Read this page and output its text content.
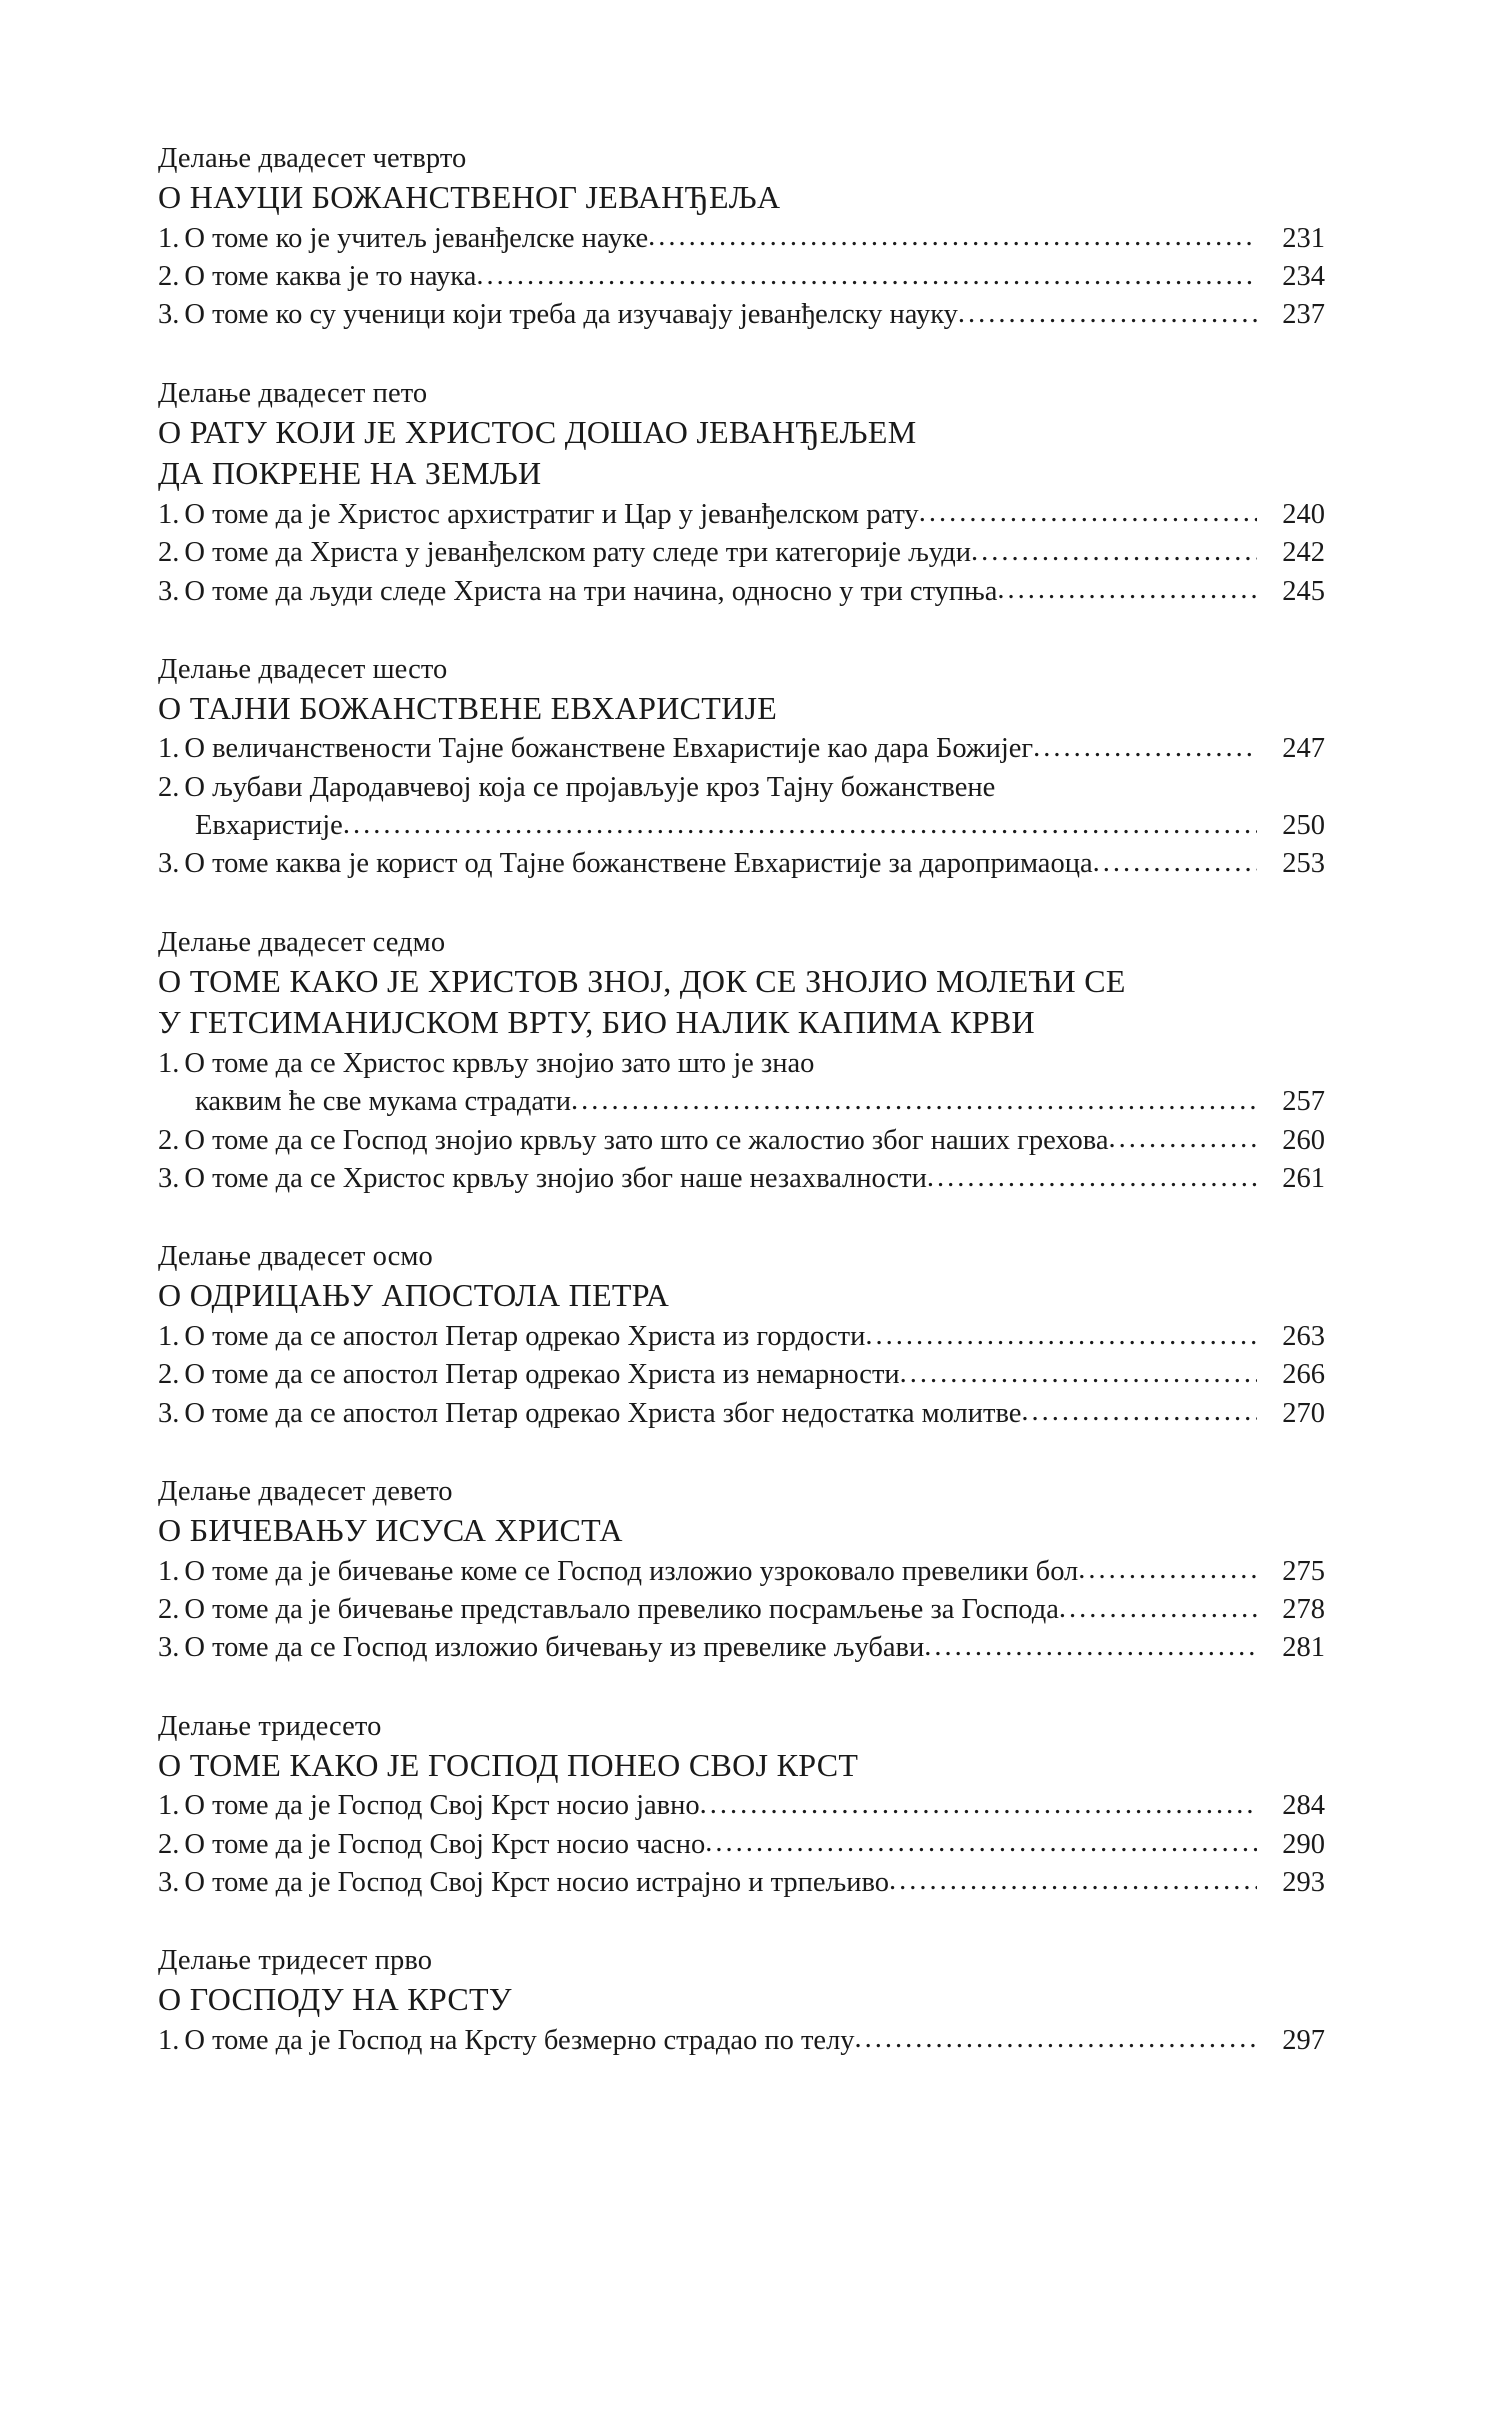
Делање двадесет четврто
О НАУЦИ БОЖАНСТВЕНОГ ЈЕВАНЂЕЉА
1. О томе ко је учитељ јеванђелске науке .....	231
2. О томе каква је то наука .....	234
3. О томе ко су ученици који треба да изучавају јеванђелску науку .....	237
Делање двадесет пето
О РАТУ КОЈИ ЈЕ ХРИСТОС ДОШАО ЈЕВАНЂЕЉЕМ
ДА ПОКРЕНЕ НА ЗЕМЉИ
1. О томе да је Христос архистратиг и Цар у јеванђелском рату .....	240
2. О томе да Христа у јеванђелском рату следе три категорије људи .....	242
3. О томе да људи следе Христа на три начина, односно у три ступња .....	245
Делање двадесет шесто
О ТАЈНИ БОЖАНСТВЕНЕ ЕВХАРИСТИЈЕ
1. О величанствености Тајне божанствене Евхаристије као дара Божијег .....	247
2. О љубави Дародавчевој која се пројављује кроз Тајну божанствене
Евхаристије .....	250
3. О томе каква је корист од Тајне божанствене Евхаристије за даропримаоца .....	253
Делање двадесет седмо
О ТОМЕ КАКО ЈЕ ХРИСТОВ ЗНОЈ, ДОК СЕ ЗНОЈИО МОЛЕЋИ СЕ
У ГЕТСИМАНИЈСКОМ ВРТУ, БИО НАЛИК КАПИМА КРВИ
1. О томе да се Христос крвљу знојио зато што је знао
каквим ће све мукама страдати .....	257
2. О томе да се Господ знојио крвљу зато што се жалостио због наших грехова .....	260
3. О томе да се Христос крвљу знојио због наше незахвалности .....	261
Делање двадесет осмо
О ОДРИЦАЊУ АПОСТОЛА ПЕТРА
1. О томе да се апостол Петар одрекао Христа из гордости .....	263
2. О томе да се апостол Петар одрекао Христа из немарности .....	266
3. О томе да се апостол Петар одрекао Христа због недостатка молитве .....	270
Делање двадесет девето
О БИЧЕВАЊУ ИСУСА ХРИСТА
1. О томе да је бичевање коме се Господ изложио узроковало превелики бол .....	275
2. О томе да је бичевање представљало превелико посрамљење за Господа .....	278
3. О томе да се Господ изложио бичевању из превелике љубави .....	281
Делање тридесето
О ТОМЕ КАКО ЈЕ ГОСПОД ПОНЕО СВОЈ КРСТ
1. О томе да је Господ Свој Крст носио јавно .....	284
2. О томе да је Господ Свој Крст носио часно .....	290
3. О томе да је Господ Свој Крст носио истрајно и трпељиво .....	293
Делање тридесет прво
О ГОСПОДУ НА КРСТУ
1. О томе да је Господ на Крсту безмерно страдао по телу .....	297
